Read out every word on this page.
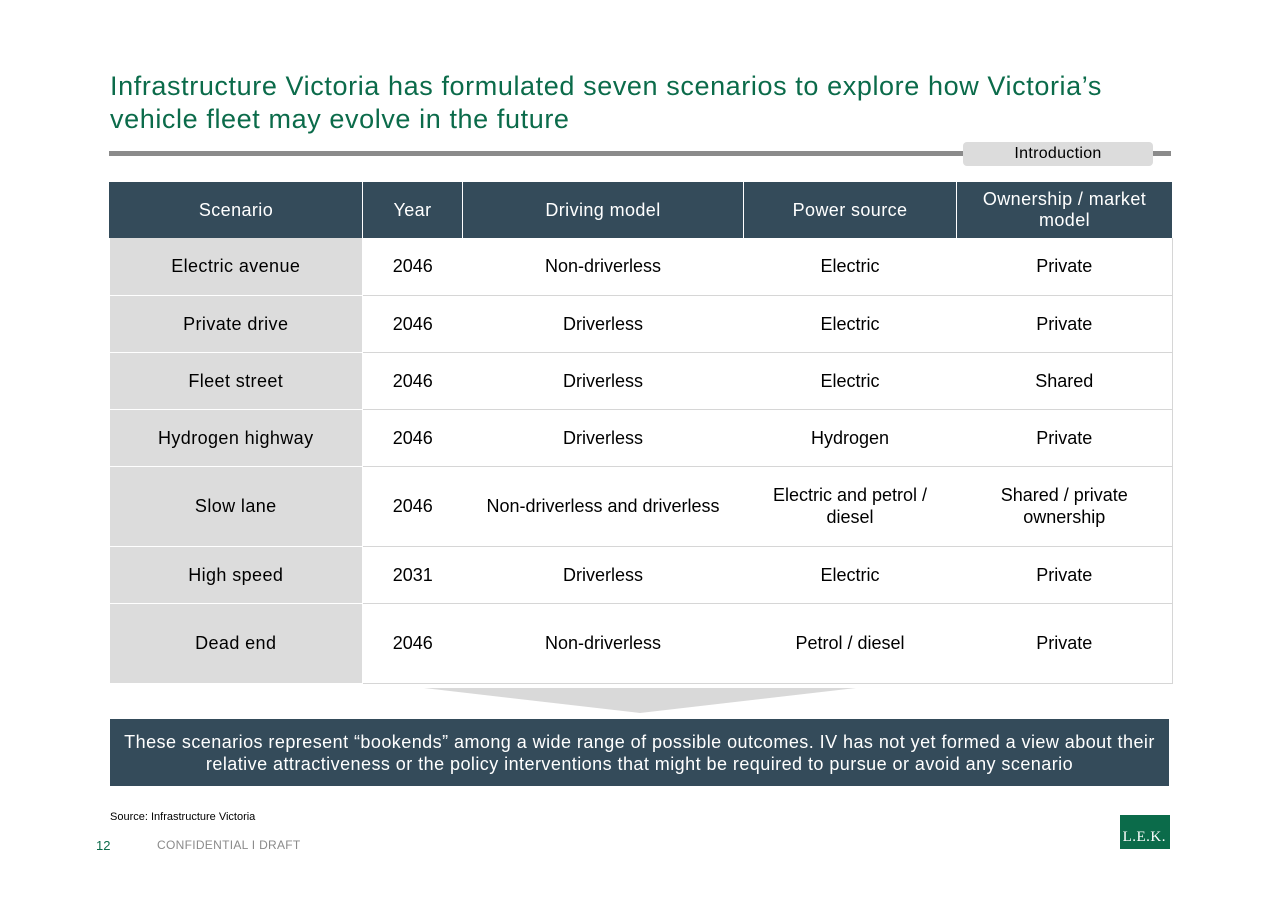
Infrastructure Victoria has formulated seven scenarios to explore how Victoria’s vehicle fleet may evolve in the future
Introduction
Scenario	Year	Driving model	Power source	Ownership / market model
Electric avenue	2046	Non-driverless	Electric	Private
Private drive	2046	Driverless	Electric	Private
Fleet street	2046	Driverless	Electric	Shared
Hydrogen highway	2046	Driverless	Hydrogen	Private
Slow lane	2046	Non-driverless and driverless	Electric and petrol / diesel	Shared / private ownership
High speed	2031	Driverless	Electric	Private
Dead end	2046	Non-driverless	Petrol / diesel	Private
These scenarios represent “bookends” among a wide range of possible outcomes. IV has not yet formed a view about their relative attractiveness or the policy interventions that might be required to pursue or avoid any scenario
Source: Infrastructure Victoria
12	CONFIDENTIAL I DRAFT	L.E.K.
